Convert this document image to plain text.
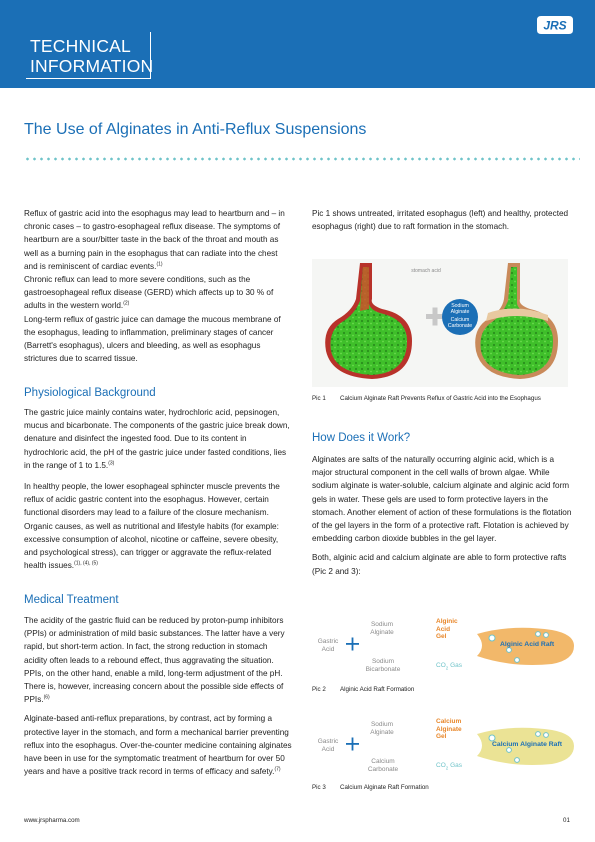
TECHNICAL
INFORMATION
JRS
The Use of Alginates in Anti-Reflux Suspensions

Reflux of gastric acid into the esophagus may lead to heartburn and – in chronic cases – to gastro-esophageal reflux disease. The symptoms of heartburn are a sour/bitter taste in the back of the throat and mouth as well as a burning pain in the esophagus that can radiate into the chest and is reminiscent of cardiac events.$^{(1)}$

Chronic reflux can lead to more severe conditions, such as the gastroesophageal reflux disease (GERD) which affects up to 30 % of adults in the western world.$^{(2)}$

Long-term reflux of gastric juice can damage the mucous membrane of the esophagus, leading to inflammation, preliminary stages of cancer (Barrett's esophagus), ulcers and bleeding, as well as esophagus strictures due to scarred tissue.

Physiological Background

The gastric juice mainly contains water, hydrochloric acid, pepsinogen, mucus and bicarbonate. The components of the gastric juice break down, denature and disinfect the ingested food. Due to its content in hydrochloric acid, the pH of the gastric juice under fasted conditions, lies in the range of 1 to 1.5.$^{(3)}$

In healthy people, the lower esophageal sphincter muscle prevents the reflux of acidic gastric content into the esophagus. However, certain functional disorders may lead to a failure of the closure mechanism. Organic causes, as well as nutritional and lifestyle habits (for example: excessive consumption of alcohol, nicotine or caffeine, severe obesity, and psychological stress), can trigger or aggravate the reflux-related health issues.$^{(1), (4), (5)}$

Medical Treatment

The acidity of the gastric fluid can be reduced by proton-pump inhibitors (PPIs) or administration of mild basic substances. The latter have a very rapid, but short-term action. In fact, the strong reduction in stomach acidity often leads to a rebound effect, thus aggravating the situation. PPIs, on the other hand, enable a mild, long-term adjustment of the pH. There is, however, increasing concern about the possible side effects of PPIs.$^{(6)}$

Alginate-based anti-reflux preparations, by contrast, act by forming a protective layer in the stomach, and form a mechanical barrier preventing reflux into the esophagus. Over-the-counter medicine containing alginates have been in use for the symptomatic treatment of heartburn for over 50 years and have a positive track record in terms of efficacy and safety.$^{(7)}$

Pic 1 shows untreated, irritated esophagus (left) and healthy, protected esophagus (right) due to raft formation in the stomach.
stomach acid
Sodium
Alginate
Calcium
Carbonate
Pic 1 Calcium Alginate Raft Prevents Reflux of Gastric Acid into the Esophagus
How Does it Work?

Alginates are salts of the naturally occurring alginic acid, which is a major structural component in the cell walls of brown algae. While sodium alginate is water-soluble, calcium alginate and alginic acid form gels in water. These gels are used to form protective layers in the stomach. Another element of action of these formulations is the flotation of the gel layers in the form of a protective raft. Flotation is achieved by embedding carbon dioxide bubbles in the gel layer.

Both, alginic acid and calcium alginate are able to form protective rafts (Pic 2 and 3):

Gastric
Acid
Sodium
Alginate
Sodium
Bicarbonate
Alginic
Acid
Gel
$CO_2$ Gas
Alginic Acid Raft
Pic 2 Alginic Acid Raft Formation
Gastric
Acid
Sodium
Alginate
Calcium
Carbonate
Calcium
Alginate
Gel
$CO_2$ Gas
Calcium Alginate Raft
Pic 3 Calcium Alginate Raft Formation
www.jrspharma.com	01
